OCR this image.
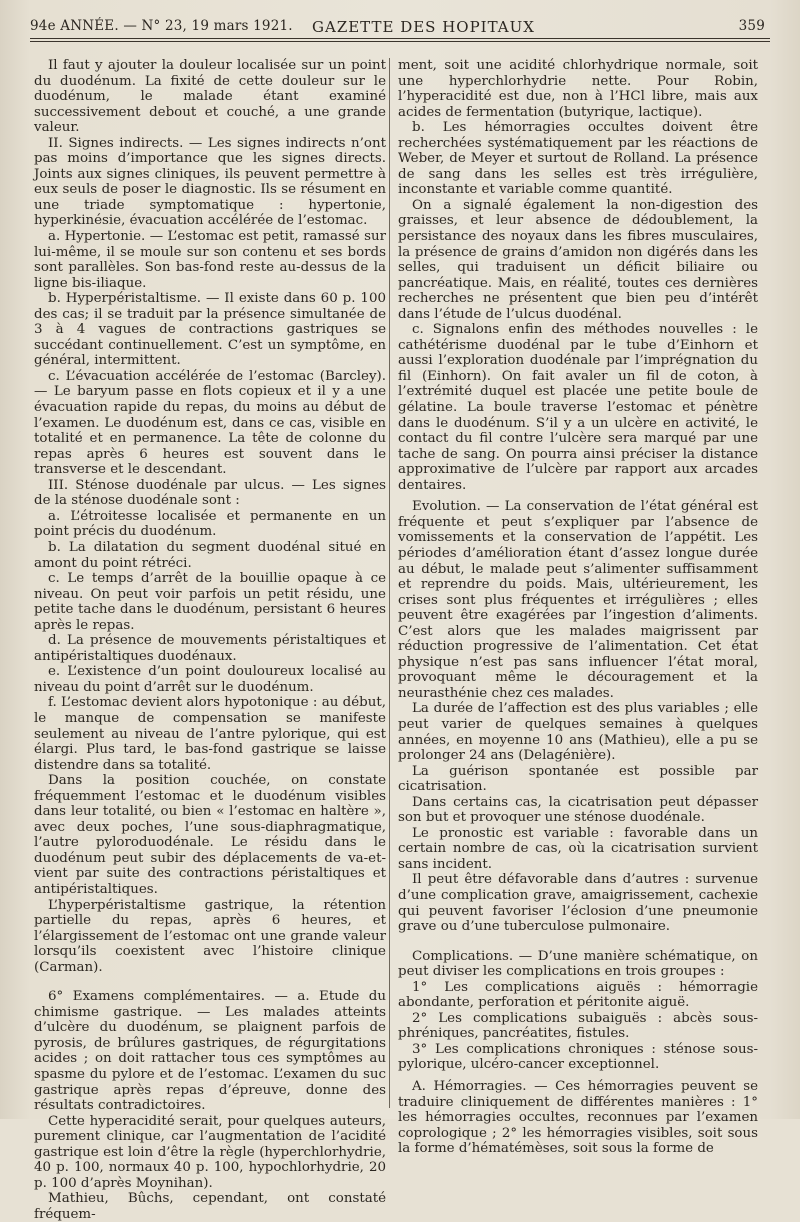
94e ANNÉE. — N° 23, 19 mars 1921. GAZETTE DES HOPITAUX	359

Il faut y ajouter la douleur localisée sur un point du duodénum. La fixité de cette douleur sur le duodénum, le malade étant examiné successivement debout et couché, a une grande valeur.

II. Signes indirects. — Les signes indirects n’ont pas moins d’importance que les signes directs. Joints aux signes cliniques, ils peuvent permettre à eux seuls de poser le diagnostic. Ils se résument en une triade symptomatique : hypertonie, hyperkinésie, évacuation accélérée de l’estomac.

a. Hypertonie. — L’estomac est petit, ramassé sur lui-même, il se moule sur son contenu et ses bords sont parallèles. Son bas-fond reste au-dessus de la ligne bis-iliaque.

b. Hyperpéristaltisme. — Il existe dans 60 p. 100 des cas; il se traduit par la présence simultanée de 3 à 4 vagues de contractions gastriques se succédant continuellement. C’est un symptôme, en général, intermittent.

c. L’évacuation accélérée de l’estomac (Barcley). — Le baryum passe en flots copieux et il y a une évacuation rapide du repas, du moins au début de l’examen. Le duodénum est, dans ce cas, visible en totalité et en permanence. La tête de colonne du repas après 6 heures est souvent dans le transverse et le descendant.

III. Sténose duodénale par ulcus. — Les signes de la sténose duodénale sont :

a. L’étroitesse localisée et permanente en un point précis du duodénum.

b. La dilatation du segment duodénal situé en amont du point rétréci.

c. Le temps d’arrêt de la bouillie opaque à ce niveau. On peut voir parfois un petit résidu, une petite tache dans le duodénum, persistant 6 heures après le repas.

d. La présence de mouvements péristaltiques et antipéristaltiques duodénaux.

e. L’existence d’un point douloureux localisé au niveau du point d’arrêt sur le duodénum.

f. L’estomac devient alors hypotonique : au début, le manque de compensation se manifeste seulement au niveau de l’antre pylorique, qui est élargi. Plus tard, le bas-fond gastrique se laisse distendre dans sa totalité.

Dans la position couchée, on constate fréquemment l’estomac et le duodénum visibles dans leur totalité, ou bien « l’estomac en haltère », avec deux poches, l’une sous-diaphragmatique, l’autre pyloroduodénale. Le résidu dans le duodénum peut subir des déplacements de va-et-vient par suite des contractions péristaltiques et antipéristaltiques.

L’hyperpéristaltisme gastrique, la rétention partielle du repas, après 6 heures, et l’élargissement de l’estomac ont une grande valeur lorsqu’ils coexistent avec l’histoire clinique (Carman).

6° Examens complémentaires. — a. Etude du chimisme gastrique. — Les malades atteints d’ulcère du duodénum, se plaignent parfois de pyrosis, de brûlures gastriques, de régurgitations acides ; on doit rattacher tous ces symptômes au spasme du pylore et de l’estomac. L’examen du suc gastrique après repas d’épreuve, donne des résultats contradictoires.

Cette hyperacidité serait, pour quelques auteurs, purement clinique, car l’augmentation de l’acidité gastrique est loin d’être la règle (hyperchlorhydrie, 40 p. 100, normaux 40 p. 100, hypochlorhydrie, 20 p. 100 d’après Moynihan).

Mathieu, Bûchs, cependant, ont constaté fréquem-

ment, soit une acidité chlorhydrique normale, soit une hyperchlorhydrie nette. Pour Robin, l’hyperacidité est due, non à l’HCl libre, mais aux acides de fermentation (butyrique, lactique).

b. Les hémorragies occultes doivent être recherchées systématiquement par les réactions de Weber, de Meyer et surtout de Rolland. La présence de sang dans les selles est très irrégulière, inconstante et variable comme quantité.

On a signalé également la non-digestion des graisses, et leur absence de dédoublement, la persistance des noyaux dans les fibres musculaires, la présence de grains d’amidon non digérés dans les selles, qui traduisent un déficit biliaire ou pancréatique. Mais, en réalité, toutes ces dernières recherches ne présentent que bien peu d’intérêt dans l’étude de l’ulcus duodénal.

c. Signalons enfin des méthodes nouvelles : le cathétérisme duodénal par le tube d’Einhorn et aussi l’exploration duodénale par l’imprégnation du fil (Einhorn). On fait avaler un fil de coton, à l’extrémité duquel est placée une petite boule de gélatine. La boule traverse l’estomac et pénètre dans le duodénum. S’il y a un ulcère en activité, le contact du fil contre l’ulcère sera marqué par une tache de sang. On pourra ainsi préciser la distance approximative de l’ulcère par rapport aux arcades dentaires.

Evolution. — La conservation de l’état général est fréquente et peut s’expliquer par l’absence de vomissements et la conservation de l’appétit. Les périodes d’amélioration étant d’assez longue durée au début, le malade peut s’alimenter suffisamment et reprendre du poids. Mais, ultérieurement, les crises sont plus fréquentes et irrégulières ; elles peuvent être exagérées par l’ingestion d’aliments. C’est alors que les malades maigrissent par réduction progressive de l’alimentation. Cet état physique n’est pas sans influencer l’état moral, provoquant même le découragement et la neurasthénie chez ces malades.

La durée de l’affection est des plus variables ; elle peut varier de quelques semaines à quelques années, en moyenne 10 ans (Mathieu), elle a pu se prolonger 24 ans (Delagénière).

La guérison spontanée est possible par cicatrisation.

Dans certains cas, la cicatrisation peut dépasser son but et provoquer une sténose duodénale.

Le pronostic est variable : favorable dans un certain nombre de cas, où la cicatrisation survient sans incident.

Il peut être défavorable dans d’autres : survenue d’une complication grave, amaigrissement, cachexie qui peuvent favoriser l’éclosion d’une pneumonie grave ou d’une tuberculose pulmonaire.

Complications. — D’une manière schématique, on peut diviser les complications en trois groupes :

1° Les complications aiguës : hémorragie abondante, perforation et péritonite aiguë.

2° Les complications subaiguës : abcès sous-phréniques, pancréatites, fistules.

3° Les complications chroniques : sténose sous-pylorique, ulcéro-cancer exceptionnel.

A. Hémorragies. — Ces hémorragies peuvent se traduire cliniquement de différentes manières : 1° les hémorragies occultes, reconnues par l’examen coprologique ; 2° les hémorragies visibles, soit sous la forme d’hématémèses, soit sous la forme de
